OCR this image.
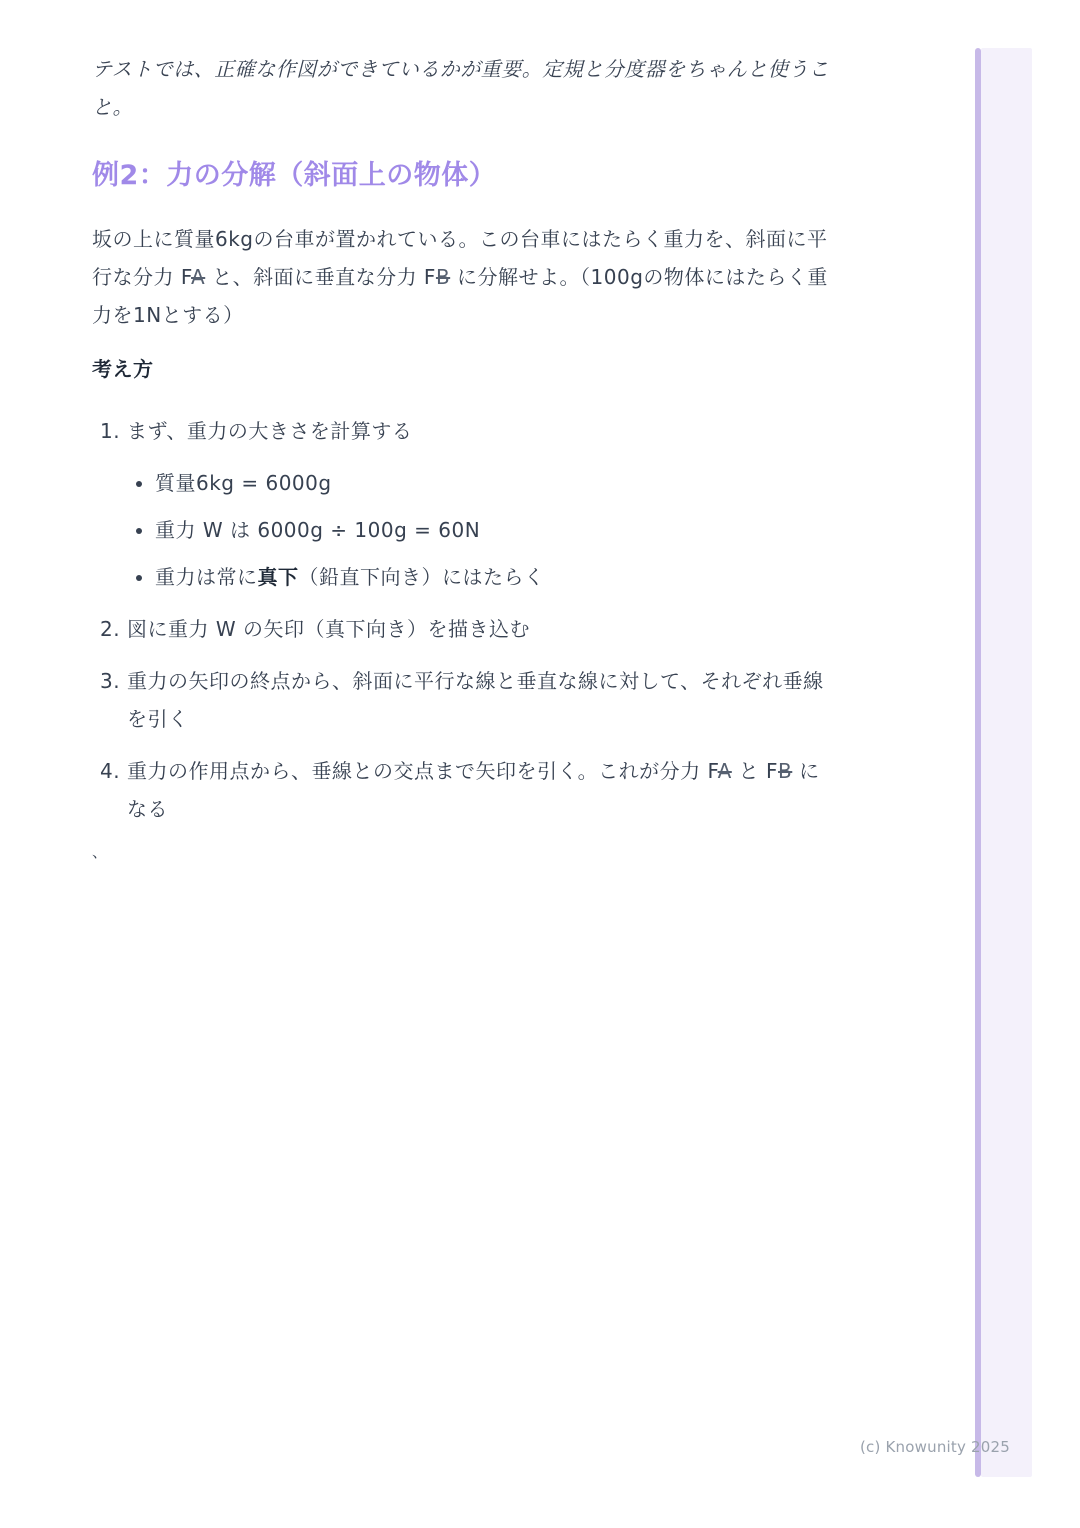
テストでは、正確な作図ができているかが重要。定規と分度器をちゃんと使うこと。

例2：力の分解（斜面上の物体）

坂の上に質量6kgの台車が置かれている。この台車にはたらく重力を、斜面に平行な分力 FA と、斜面に垂直な分力 FB に分解せよ。（100gの物体にはたらく重力を1Nとする）

考え方
1. まず、重力の大きさを計算する
• 質量6kg = 6000g
• 重力 W は 6000g ÷ 100g = 60N
• 重力は常に真下（鉛直下向き）にはたらく
2. 図に重力 W の矢印（真下向き）を描き込む
3. 重力の矢印の終点から、斜面に平行な線と垂直な線に対して、それぞれ垂線を引く
4. 重力の作用点から、垂線との交点まで矢印を引く。これが分力 FA と FB になる
、
(c) Knowunity 2025
